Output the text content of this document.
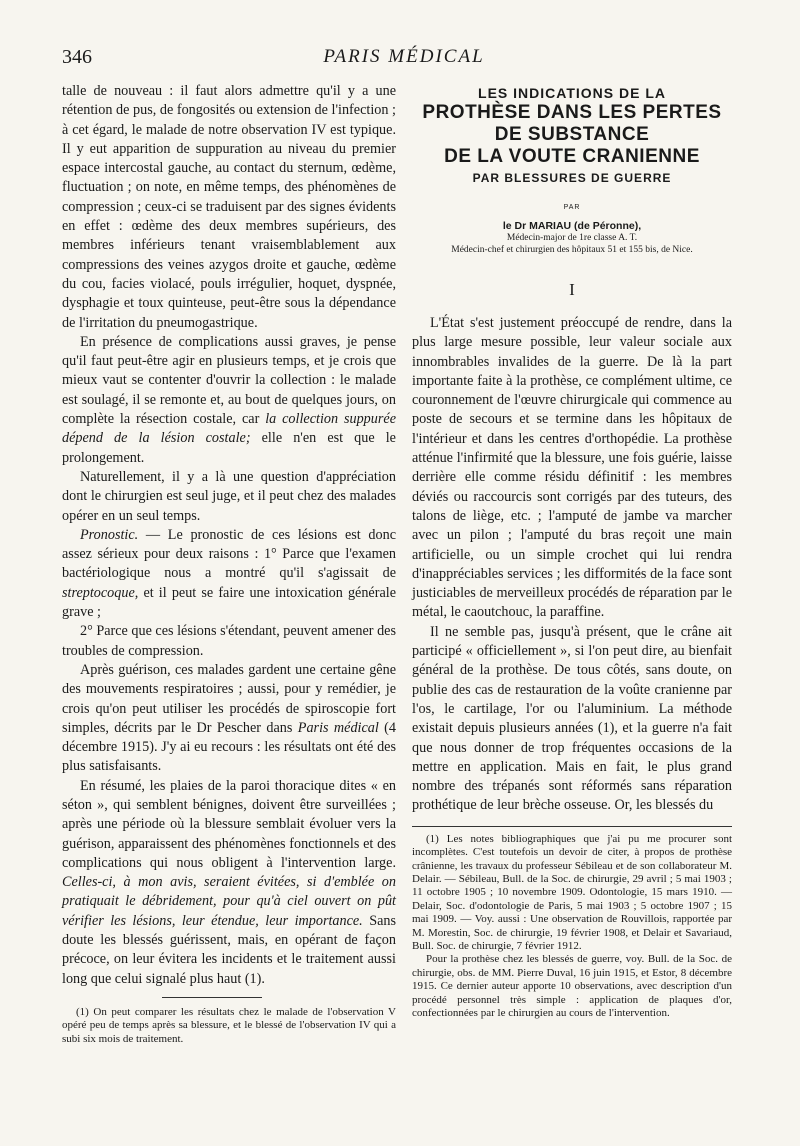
346	PARIS MÉDICAL

talle de nouveau : il faut alors admettre qu'il y a une rétention de pus, de fongosités ou extension de l'infection ; à cet égard, le malade de notre observation IV est typique. Il y eut apparition de suppuration au niveau du premier espace intercostal gauche, au contact du sternum, œdème, fluctuation ; on note, en même temps, des phénomènes de compression ; ceux-ci se traduisent par des signes évidents en effet : œdème des deux membres supérieurs, des membres inférieurs tenant vraisemblablement aux compressions des veines azygos droite et gauche, œdème du cou, facies violacé, pouls irrégulier, hoquet, dyspnée, dysphagie et toux quinteuse, peut-être sous la dépendance de l'irritation du pneumogastrique.

En présence de complications aussi graves, je pense qu'il faut peut-être agir en plusieurs temps, et je crois que mieux vaut se contenter d'ouvrir la collection : le malade est soulagé, il se remonte et, au bout de quelques jours, on complète la résection costale, car la collection suppurée dépend de la lésion costale; elle n'en est que le prolongement.

Naturellement, il y a là une question d'appréciation dont le chirurgien est seul juge, et il peut chez des malades opérer en un seul temps.

Pronostic. — Le pronostic de ces lésions est donc assez sérieux pour deux raisons : 1° Parce que l'examen bactériologique nous a montré qu'il s'agissait de streptocoque, et il peut se faire une intoxication générale grave ;

2° Parce que ces lésions s'étendant, peuvent amener des troubles de compression.

Après guérison, ces malades gardent une certaine gêne des mouvements respiratoires ; aussi, pour y remédier, je crois qu'on peut utiliser les procédés de spiroscopie fort simples, décrits par le Dr Pescher dans Paris médical (4 décembre 1915). J'y ai eu recours : les résultats ont été des plus satisfaisants.

En résumé, les plaies de la paroi thoracique dites « en séton », qui semblent bénignes, doivent être surveillées ; après une période où la blessure semblait évoluer vers la guérison, apparaissent des phénomènes fonctionnels et des complications qui nous obligent à l'intervention large. Celles-ci, à mon avis, seraient évitées, si d'emblée on pratiquait le débridement, pour qu'à ciel ouvert on pût vérifier les lésions, leur étendue, leur importance. Sans doute les blessés guérissent, mais, en opérant de façon précoce, on leur évitera les incidents et le traitement aussi long que celui signalé plus haut (1).

(1) On peut comparer les résultats chez le malade de l'observation V opéré peu de temps après sa blessure, et le blessé de l'observation IV qui a subi six mois de traitement.

LES INDICATIONS DE LA
PROTHÈSE DANS LES PERTES
DE SUBSTANCE
DE LA VOUTE CRANIENNE
PAR BLESSURES DE GUERRE
PAR
le Dr MARIAU (de Péronne),
Médecin-major de 1re classe A. T.
Médecin-chef et chirurgien des hôpitaux 51 et 155 bis, de Nice.
I

L'État s'est justement préoccupé de rendre, dans la plus large mesure possible, leur valeur sociale aux innombrables invalides de la guerre. De là la part importante faite à la prothèse, ce complément ultime, ce couronnement de l'œuvre chirurgicale qui commence au poste de secours et se termine dans les hôpitaux de l'intérieur et dans les centres d'orthopédie. La prothèse atténue l'infirmité que la blessure, une fois guérie, laisse derrière elle comme résidu définitif : les membres déviés ou raccourcis sont corrigés par des tuteurs, des talons de liège, etc. ; l'amputé de jambe va marcher avec un pilon ; l'amputé du bras reçoit une main artificielle, ou un simple crochet qui lui rendra d'inappréciables services ; les difformités de la face sont justiciables de merveilleux procédés de réparation par le métal, le caoutchouc, la paraffine.

Il ne semble pas, jusqu'à présent, que le crâne ait participé « officiellement », si l'on peut dire, au bienfait général de la prothèse. De tous côtés, sans doute, on publie des cas de restauration de la voûte cranienne par l'os, le cartilage, l'or ou l'aluminium. La méthode existait depuis plusieurs années (1), et la guerre n'a fait que nous donner de trop fréquentes occasions de la mettre en application. Mais en fait, le plus grand nombre des trépanés sont réformés sans réparation prothétique de leur brèche osseuse. Or, les blessés du

(1) Les notes bibliographiques que j'ai pu me procurer sont incomplètes. C'est toutefois un devoir de citer, à propos de prothèse crânienne, les travaux du professeur Sébileau et de son collaborateur M. Delair. — Sébileau, Bull. de la Soc. de chirurgie, 29 avril ; 5 mai 1903 ; 11 octobre 1905 ; 10 novembre 1909. Odontologie, 15 mars 1910. — Delair, Soc. d'odontologie de Paris, 5 mai 1903 ; 5 octobre 1907 ; 15 mai 1909. — Voy. aussi : Une observation de Rouvillois, rapportée par M. Morestin, Soc. de chirurgie, 19 février 1908, et Delair et Savariaud, Bull. Soc. de chirurgie, 7 février 1912.

Pour la prothèse chez les blessés de guerre, voy. Bull. de la Soc. de chirurgie, obs. de MM. Pierre Duval, 16 juin 1915, et Estor, 8 décembre 1915. Ce dernier auteur apporte 10 observations, avec description d'un procédé personnel très simple : application de plaques d'or, confectionnées par le chirurgien au cours de l'intervention.
